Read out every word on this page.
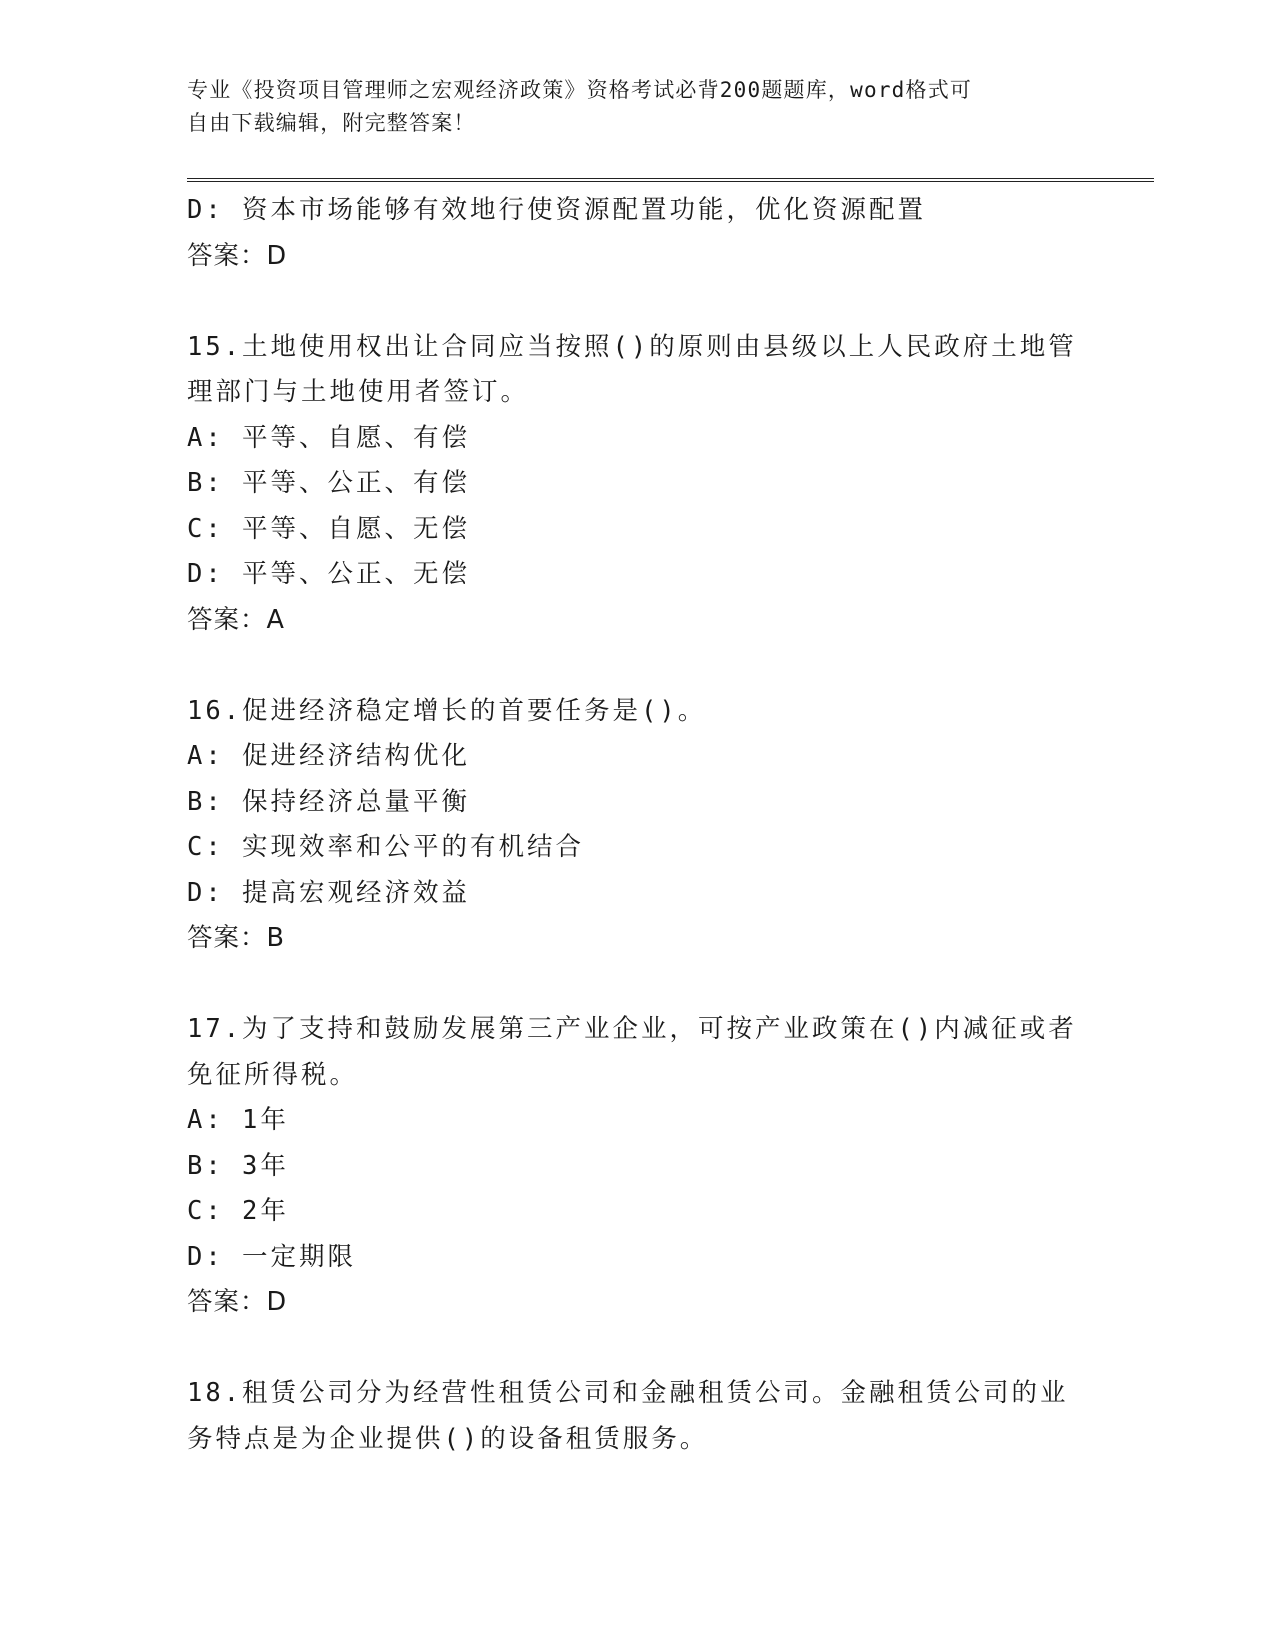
专业《投资项目管理师之宏观经济政策》资格考试必背200题题库，word格式可
自由下载编辑，附完整答案！
D: 资本市场能够有效地行使资源配置功能，优化资源配置
答案：D
15.土地使用权出让合同应当按照()的原则由县级以上人民政府土地管
理部门与土地使用者签订。
A: 平等、自愿、有偿
B: 平等、公正、有偿
C: 平等、自愿、无偿
D: 平等、公正、无偿
答案：A
16.促进经济稳定增长的首要任务是()。
A: 促进经济结构优化
B: 保持经济总量平衡
C: 实现效率和公平的有机结合
D: 提高宏观经济效益
答案：B
17.为了支持和鼓励发展第三产业企业，可按产业政策在()内减征或者
免征所得税。
A: 1年
B: 3年
C: 2年
D: 一定期限
答案：D
18.租赁公司分为经营性租赁公司和金融租赁公司。金融租赁公司的业
务特点是为企业提供()的设备租赁服务。
